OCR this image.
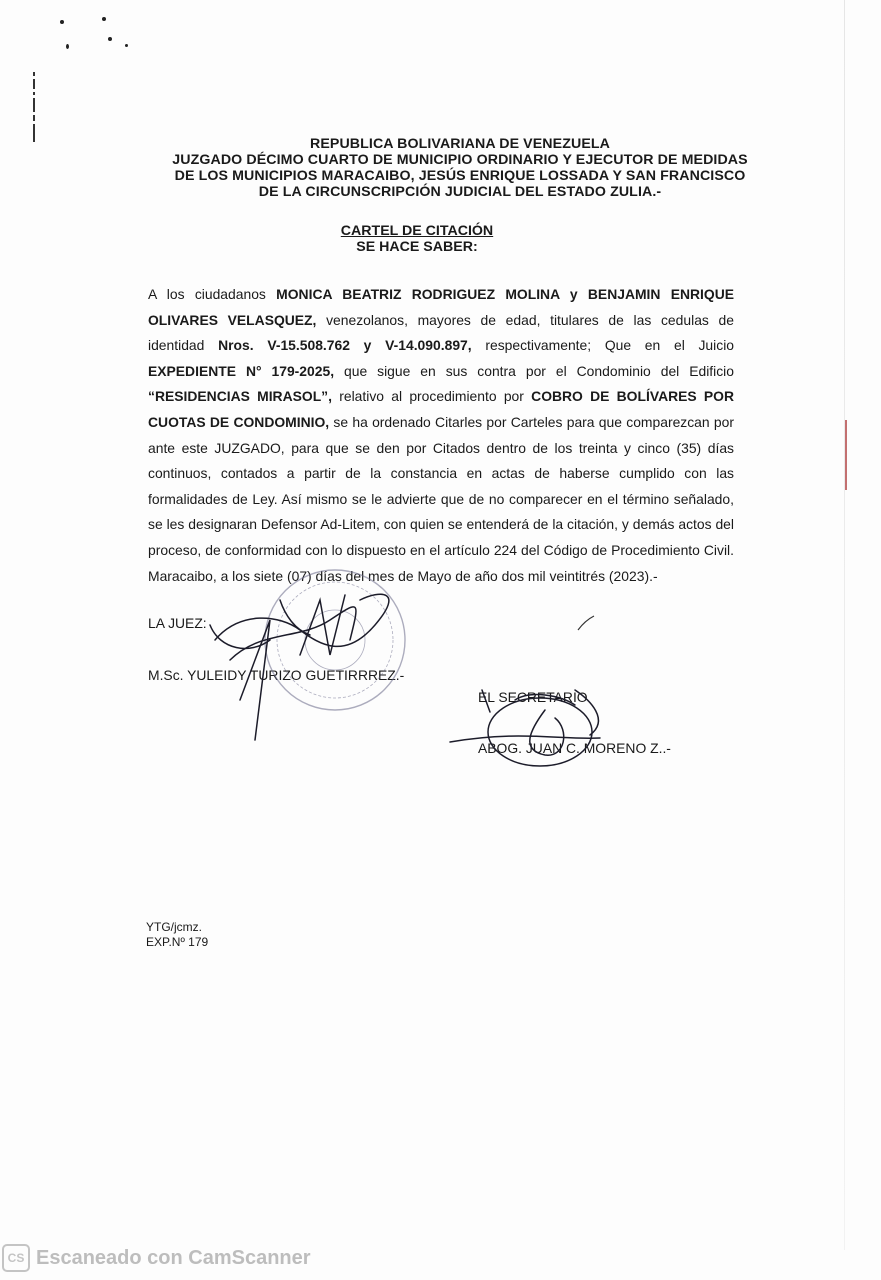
REPUBLICA BOLIVARIANA DE VENEZUELA
JUZGADO DÉCIMO CUARTO DE MUNICIPIO ORDINARIO Y EJECUTOR DE MEDIDAS
DE LOS MUNICIPIOS MARACAIBO, JESÚS ENRIQUE LOSSADA Y SAN FRANCISCO
DE LA CIRCUNSCRIPCIÓN JUDICIAL DEL ESTADO ZULIA.-
CARTEL DE CITACIÓN
SE HACE SABER:
A los ciudadanos MONICA BEATRIZ RODRIGUEZ MOLINA y BENJAMIN ENRIQUE OLIVARES VELASQUEZ, venezolanos, mayores de edad, titulares de las cedulas de identidad Nros. V-15.508.762 y V-14.090.897, respectivamente; Que en el Juicio EXPEDIENTE N° 179-2025, que sigue en sus contra por el Condominio del Edificio “RESIDENCIAS MIRASOL”, relativo al procedimiento por COBRO DE BOLÍVARES POR CUOTAS DE CONDOMINIO, se ha ordenado Citarles por Carteles para que comparezcan por ante este JUZGADO, para que se den por Citados dentro de los treinta y cinco (35) días continuos, contados a partir de la constancia en actas de haberse cumplido con las formalidades de Ley. Así mismo se le advierte que de no comparecer en el término señalado, se les designaran Defensor Ad-Litem, con quien se entenderá de la citación, y demás actos del proceso, de conformidad con lo dispuesto en el artículo 224 del Código de Procedimiento Civil. Maracaibo, a los siete (07) días del mes de Mayo de año dos mil veintitrés (2023).-
LA JUEZ:
M.Sc. YULEIDY TURIZO GUETIRRREZ.-
EL SECRETARIO
ABOG. JUAN C. MORENO Z..-
YTG/jcmz.
EXP.Nº 179
CS Escaneado con CamScanner
